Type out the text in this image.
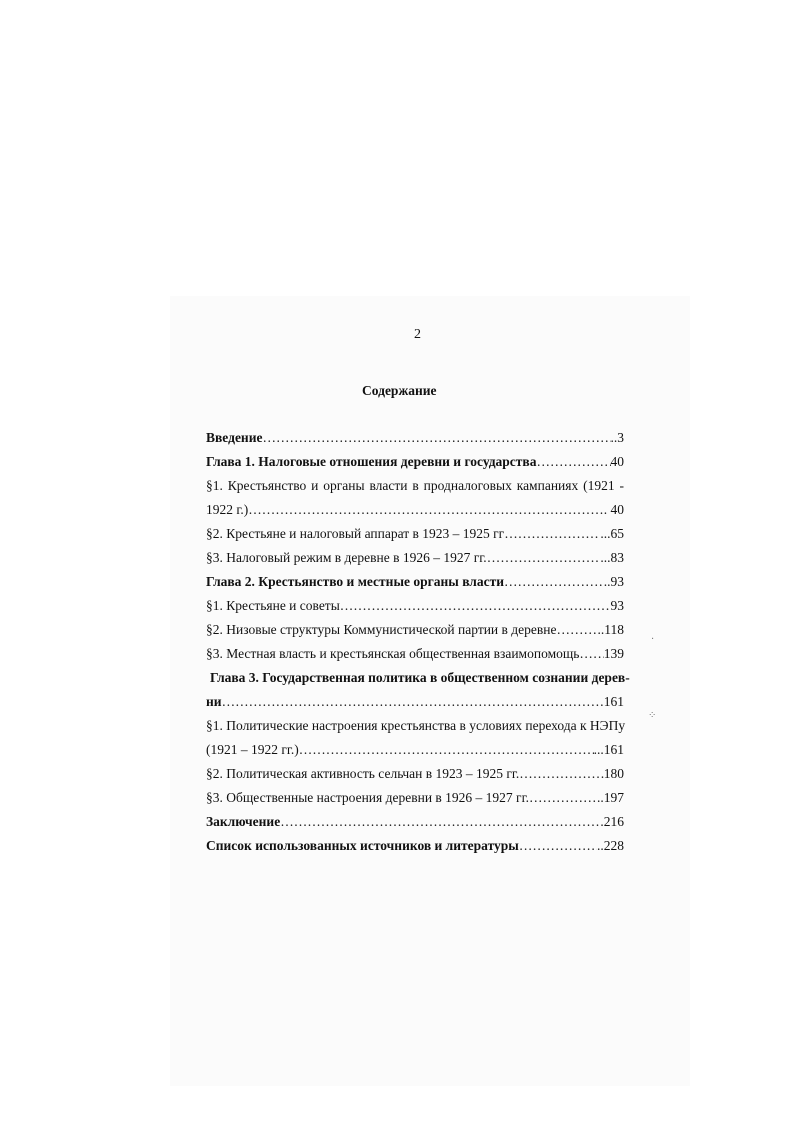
2
Содержание
Введение …………………………………………………………………………………………………………………………………………………………	..3
Глава 1. Налоговые отношения деревни и государства …………………………………………………………………………………………………………………………………………………………	40
§1. Крестьянство и органы власти в продналоговых кампаниях (1921 -
1922 г.) …………………………………………………………………………………………………………………………………………………………	. 40
§2. Крестьяне и налоговый аппарат в 1923 – 1925 гг …………………………………………………………………………………………………………………………………………………………	...65
§3. Налоговый режим в деревне в 1926 – 1927 гг. …………………………………………………………………………………………………………………………………………………………	...83
Глава 2. Крестьянство и местные органы власти …………………………………………………………………………………………………………………………………………………………	..93
§1. Крестьяне и советы …………………………………………………………………………………………………………………………………………………………	93
§2. Низовые структуры Коммунистической партии в деревне …………………………………………………………………………………………………………………………………………………………	..118
§3. Местная власть и крестьянская общественная взаимопомощь ………………………………………………………………………………………………………………………………………………………… 139
Глава 3. Государственная политика в общественном сознании дерев-
ни …………………………………………………………………………………………………………………………………………………………	161
§1. Политические настроения крестьянства в условиях перехода к НЭПу
(1921 – 1922 гг.) …………………………………………………………………………………………………………………………………………………………	...161
§2. Политическая активность сельчан в 1923 – 1925 гг. …………………………………………………………………………………………………………………………………………………………	180
§3. Общественные настроения деревни в 1926 – 1927 гг. …………………………………………………………………………………………………………………………………………………………	..197
Заключение …………………………………………………………………………………………………………………………………………………………	216
Список использованных источников и литературы …………………………………………………………………………………………………………………………………………………………	..228
·
⁘
